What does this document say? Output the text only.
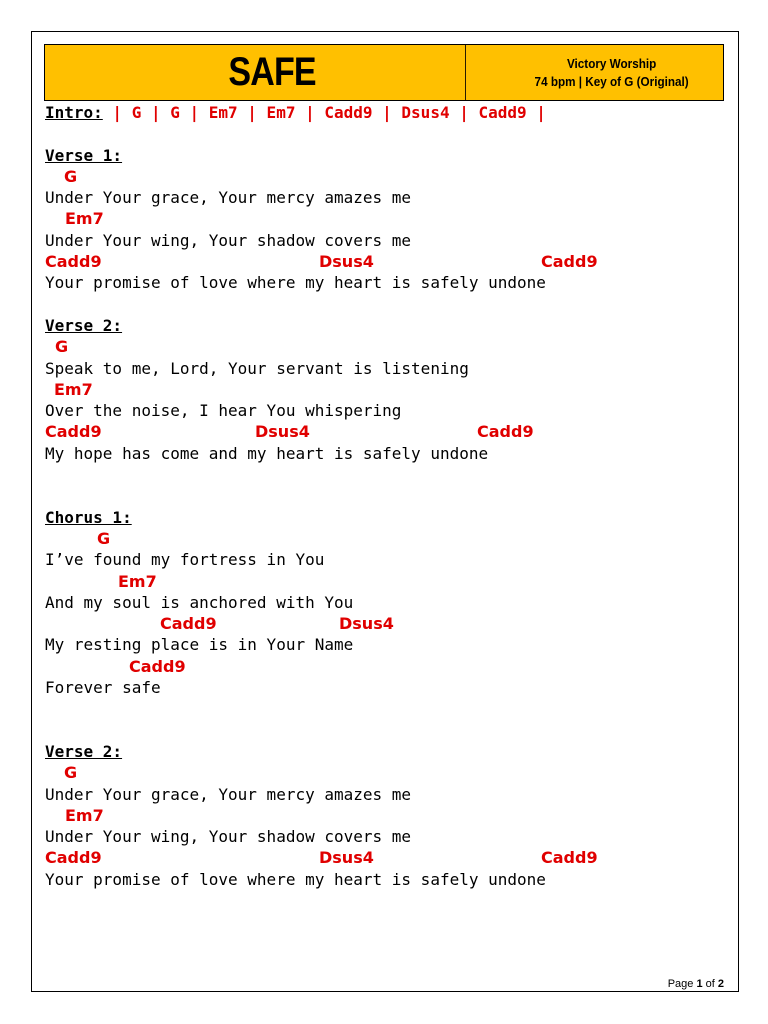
SAFE	Victory Worship
74 bpm | Key of G (Original)
Intro: | G | G | Em7 | Em7 | Cadd9 | Dsus4 | Cadd9 |
Verse 1:
G
Under Your grace, Your mercy amazes me
Em7
Under Your wing, Your shadow covers me
Cadd9	Dsus4	Cadd9
Your promise of love where my heart is safely undone
Verse 2:
G
Speak to me, Lord, Your servant is listening
Em7
Over the noise, I hear You whispering
Cadd9	Dsus4	Cadd9
My hope has come and my heart is safely undone
Chorus 1:
G
I’ve found my fortress in You
Em7
And my soul is anchored with You
Cadd9	Dsus4
My resting place is in Your Name
Cadd9
Forever safe
Verse 2:
G
Under Your grace, Your mercy amazes me
Em7
Under Your wing, Your shadow covers me
Cadd9	Dsus4	Cadd9
Your promise of love where my heart is safely undone
Page 1 of 2
